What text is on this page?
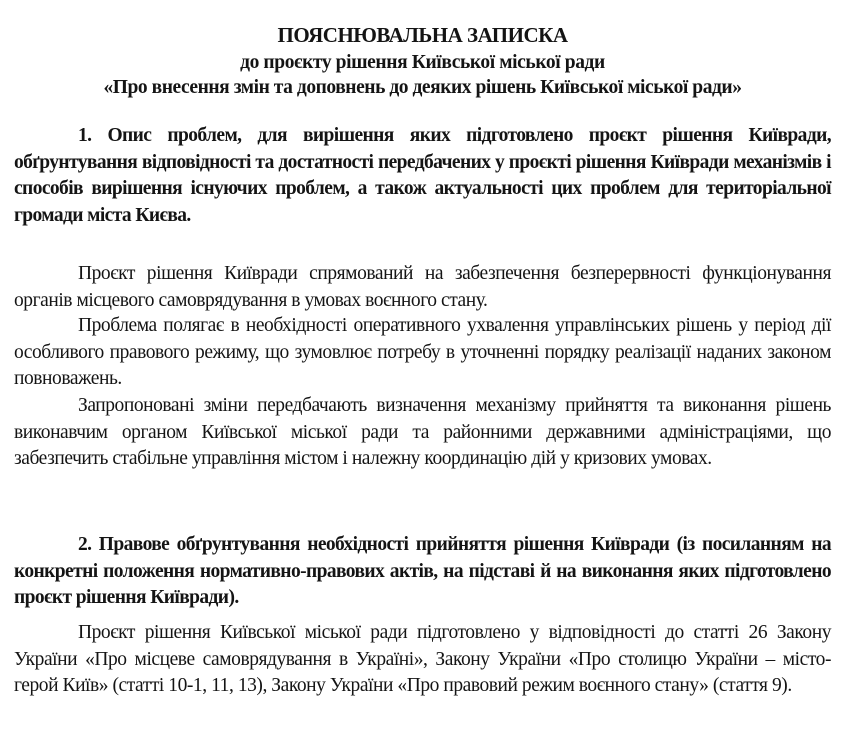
ПОЯСНЮВАЛЬНА ЗАПИСКА
до проєкту рішення Київської міської ради
«Про внесення змін та доповнень до деяких рішень Київської міської ради»

1. Опис проблем, для вирішення яких підготовлено проєкт рішення Київради, обґрунтування відповідності та достатності передбачених у проєкті рішення Київради механізмів і способів вирішення існуючих проблем, а також актуальності цих проблем для територіальної громади міста Києва.

Проєкт рішення Київради спрямований на забезпечення безперервності функціонування органів місцевого самоврядування в умовах воєнного стану.

Проблема полягає в необхідності оперативного ухвалення управлінських рішень у період дії особливого правового режиму, що зумовлює потребу в уточненні порядку реалізації наданих законом повноважень.

Запропоновані зміни передбачають визначення механізму прийняття та виконання рішень виконавчим органом Київської міської ради та районними державними адміністраціями, що забезпечить стабільне управління містом і належну координацію дій у кризових умовах.

2. Правове обґрунтування необхідності прийняття рішення Київради (із посиланням на конкретні положення нормативно-правових актів, на підставі й на виконання яких підготовлено проєкт рішення Київради).

Проєкт рішення Київської міської ради підготовлено у відповідності до статті 26 Закону України «Про місцеве самоврядування в Україні», Закону України «Про столицю України – місто-герой Київ» (статті 10-1, 11, 13), Закону України «Про правовий режим воєнного стану» (стаття 9).
